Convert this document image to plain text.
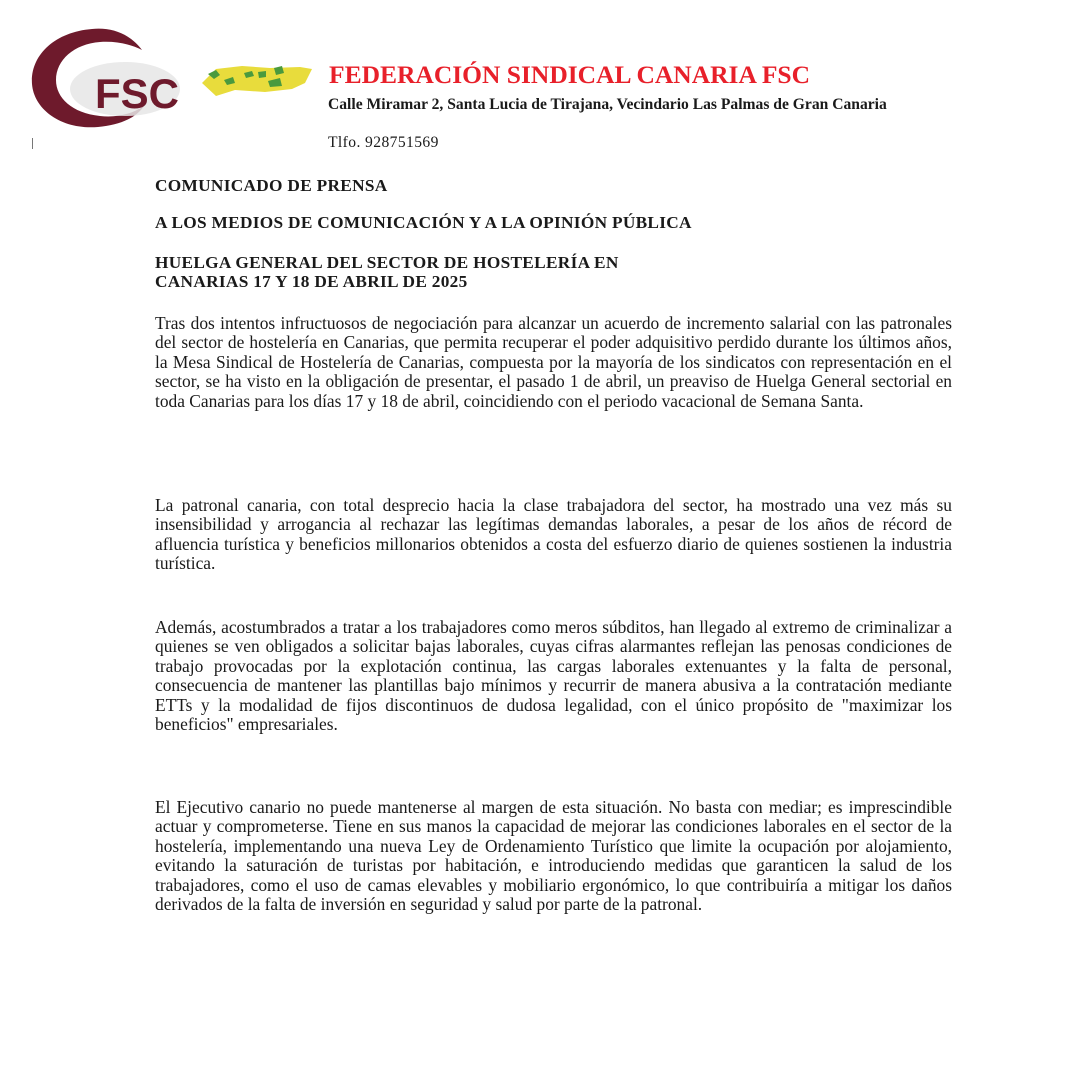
FSC	FEDERACIÓN SINDICAL CANARIA FSC
Calle Miramar 2, Santa Lucia de Tirajana, Vecindario Las Palmas de Gran Canaria
Tlfo. 928751569
COMUNICADO DE PRENSA
A LOS MEDIOS DE COMUNICACIÓN Y A LA OPINIÓN PÚBLICA
HUELGA GENERAL DEL SECTOR DE HOSTELERÍA EN
CANARIAS 17 Y 18 DE ABRIL DE 2025

Tras dos intentos infructuosos de negociación para alcanzar un acuerdo de incremento salarial con las patronales del sector de hostelería en Canarias, que permita recuperar el poder adquisitivo perdido durante los últimos años, la Mesa Sindical de Hostelería de Canarias, compuesta por la mayoría de los sindicatos con representación en el sector, se ha visto en la obligación de presentar, el pasado 1 de abril, un preaviso de Huelga General sectorial en toda Canarias para los días 17 y 18 de abril, coincidiendo con el periodo vacacional de Semana Santa.

La patronal canaria, con total desprecio hacia la clase trabajadora del sector, ha mostrado una vez más su insensibilidad y arrogancia al rechazar las legítimas demandas laborales, a pesar de los años de récord de afluencia turística y beneficios millonarios obtenidos a costa del esfuerzo diario de quienes sostienen la industria turística.

Además, acostumbrados a tratar a los trabajadores como meros súbditos, han llegado al extremo de criminalizar a quienes se ven obligados a solicitar bajas laborales, cuyas cifras alarmantes reflejan las penosas condiciones de trabajo provocadas por la explotación continua, las cargas laborales extenuantes y la falta de personal, consecuencia de mantener las plantillas bajo mínimos y recurrir de manera abusiva a la contratación mediante ETTs y la modalidad de fijos discontinuos de dudosa legalidad, con el único propósito de "maximizar los beneficios" empresariales.

El Ejecutivo canario no puede mantenerse al margen de esta situación. No basta con mediar; es imprescindible actuar y comprometerse. Tiene en sus manos la capacidad de mejorar las condiciones laborales en el sector de la hostelería, implementando una nueva Ley de Ordenamiento Turístico que limite la ocupación por alojamiento, evitando la saturación de turistas por habitación, e introduciendo medidas que garanticen la salud de los trabajadores, como el uso de camas elevables y mobiliario ergonómico, lo que contribuiría a mitigar los daños derivados de la falta de inversión en seguridad y salud por parte de la patronal.
